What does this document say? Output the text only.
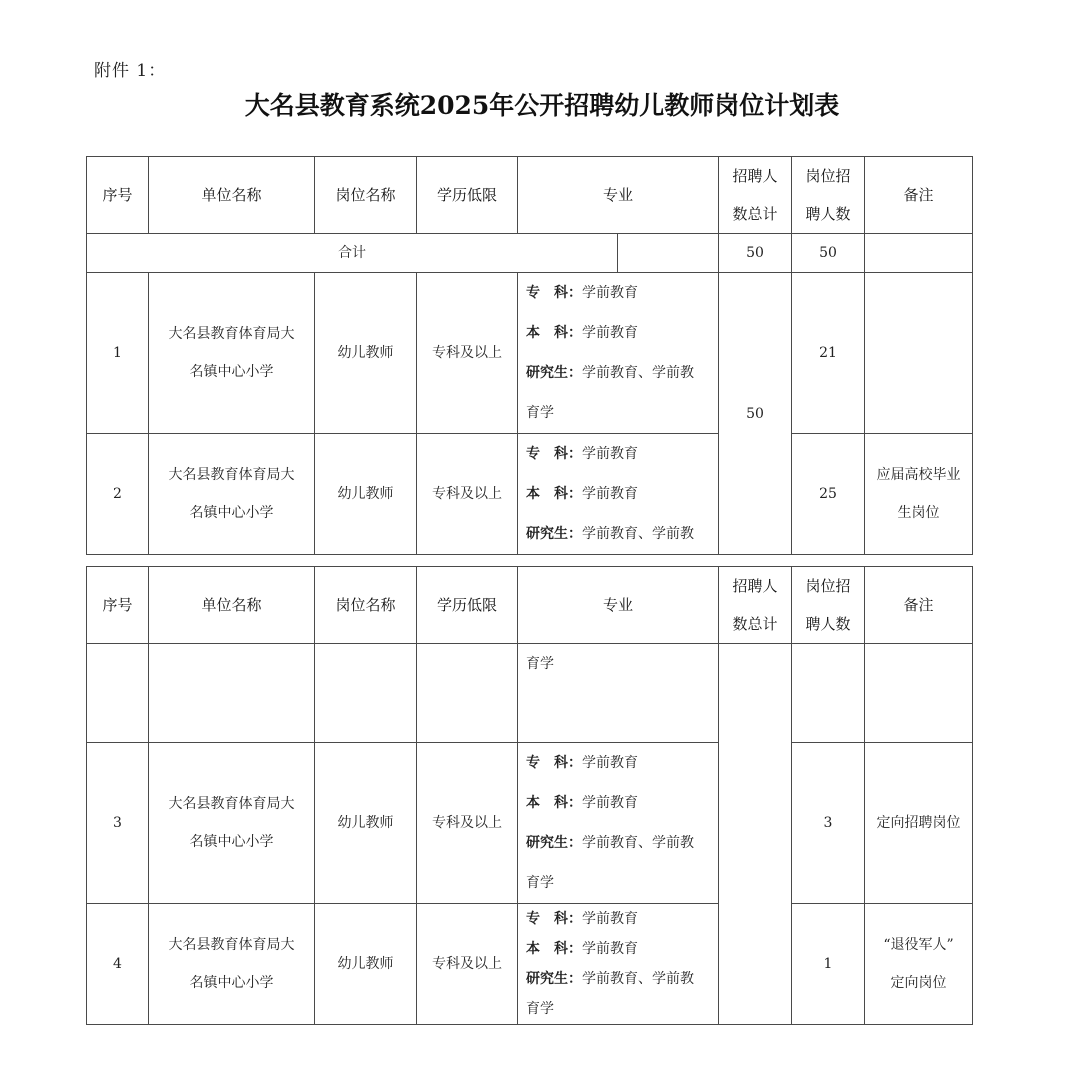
附件 1：
大名县教育系统2025年公开招聘幼儿教师岗位计划表
序号	单位名称	岗位名称	学历低限	专业		招聘人
数总计	岗位招
聘人数	备注
合计						50	50	
1	大名县教育体育局大
名镇中心小学	幼儿教师	专科及以上	专　科：学前教育
本　科：学前教育
研究生：学前教育、学前教
育学		50	21	
2	大名县教育体育局大
名镇中心小学	幼儿教师	专科及以上	专　科：学前教育
本　科：学前教育
研究生：学前教育、学前教			25	应届高校毕业
生岗位
序号	单位名称	岗位名称	学历低限	专业	招聘人
数总计	岗位招
聘人数	备注

				育学			

3	大名县教育体育局大
名镇中心小学	幼儿教师	专科及以上	专　科：学前教育
本　科：学前教育
研究生：学前教育、学前教
育学		3	定向招聘岗位
4	大名县教育体育局大
名镇中心小学	幼儿教师	专科及以上	专　科：学前教育
本　科：学前教育
研究生：学前教育、学前教
育学		1	“退役军人”
定向岗位
